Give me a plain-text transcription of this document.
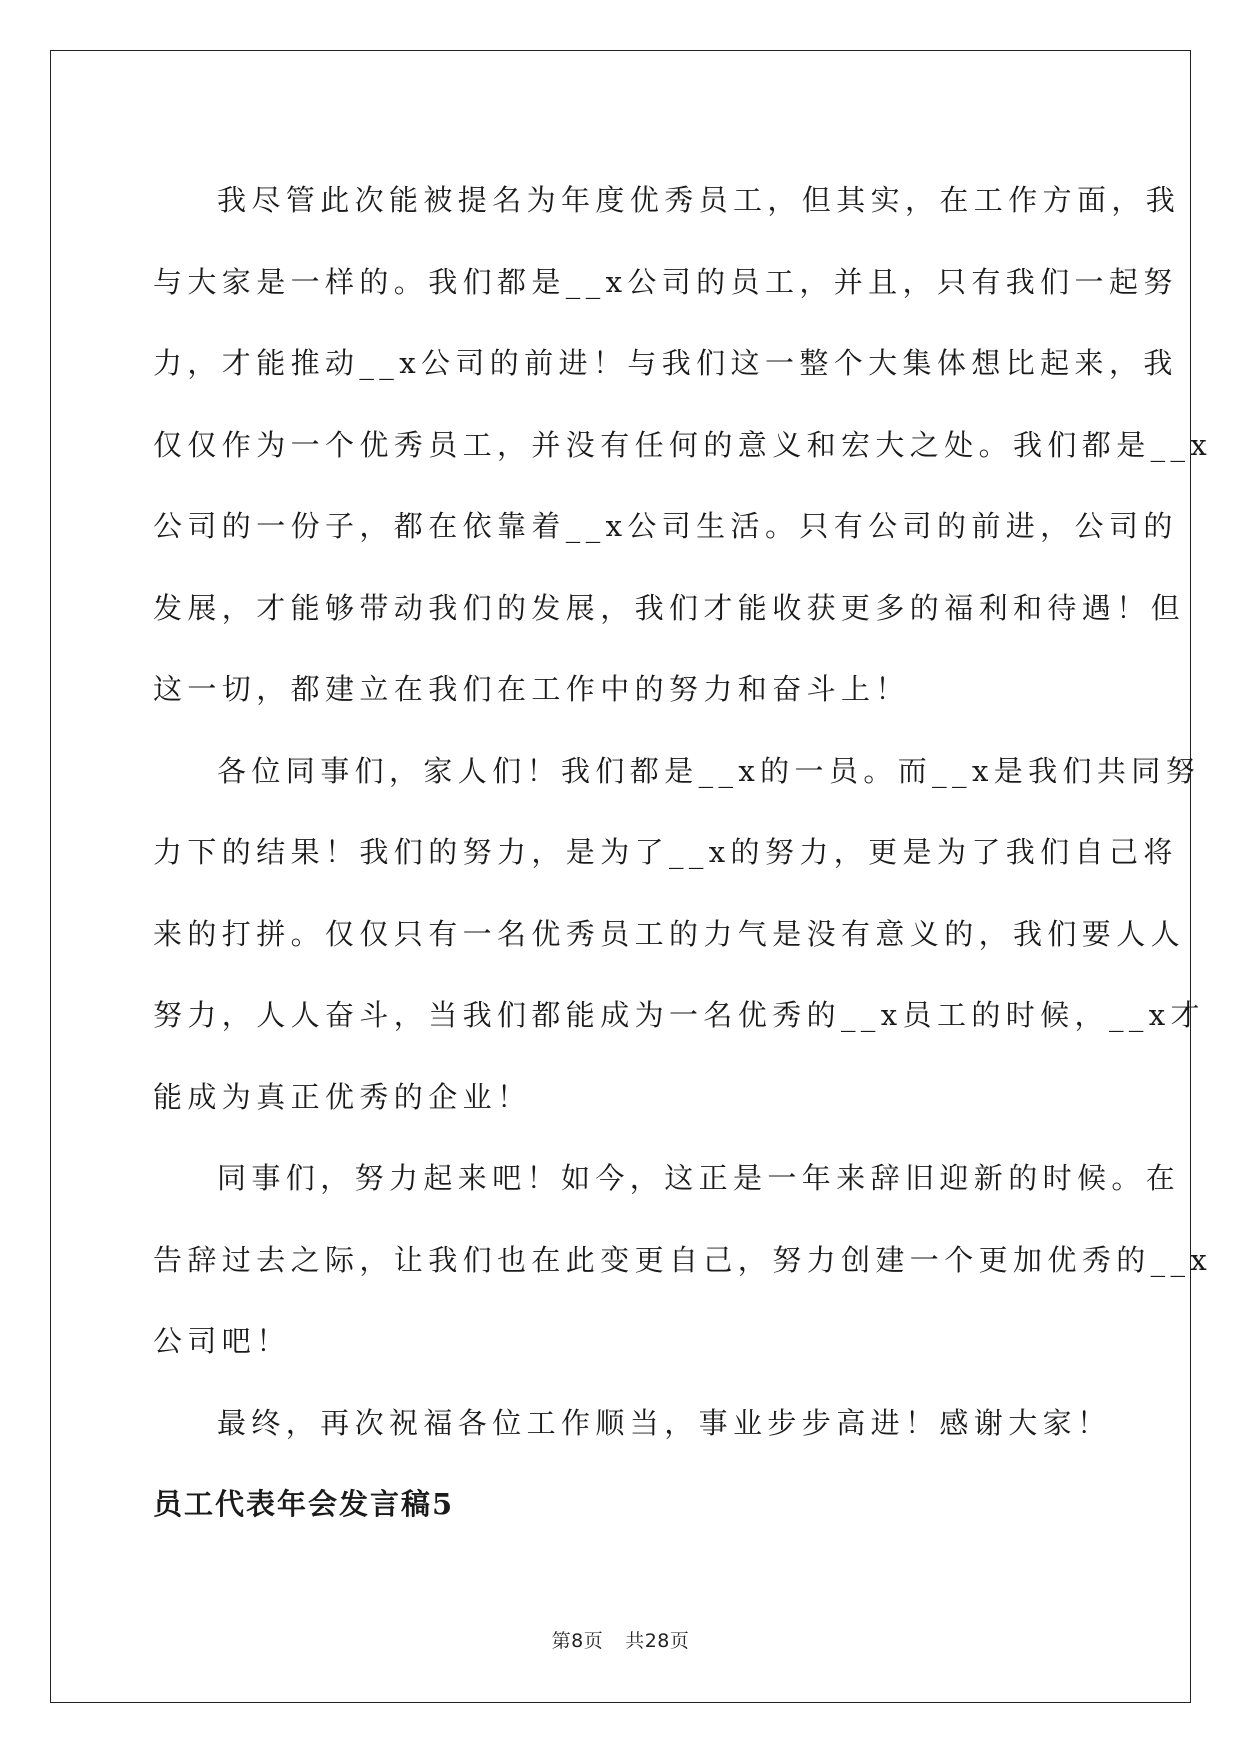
我尽管此次能被提名为年度优秀员工，但其实，在工作方面，我

与大家是一样的。我们都是__x公司的员工，并且，只有我们一起努

力，才能推动__x公司的前进！与我们这一整个大集体想比起来，我

仅仅作为一个优秀员工，并没有任何的意义和宏大之处。我们都是__x

公司的一份子，都在依靠着__x公司生活。只有公司的前进，公司的

发展，才能够带动我们的发展，我们才能收获更多的福利和待遇！但

这一切，都建立在我们在工作中的努力和奋斗上！

各位同事们，家人们！我们都是__x的一员。而__x是我们共同努

力下的结果！我们的努力，是为了__x的努力，更是为了我们自己将

来的打拼。仅仅只有一名优秀员工的力气是没有意义的，我们要人人

努力，人人奋斗，当我们都能成为一名优秀的__x员工的时候，__x才

能成为真正优秀的企业！

同事们，努力起来吧！如今，这正是一年来辞旧迎新的时候。在

告辞过去之际，让我们也在此变更自己，努力创建一个更加优秀的__x

公司吧！

最终，再次祝福各位工作顺当，事业步步高进！感谢大家！

员工代表年会发言稿5
第8页 共28页
